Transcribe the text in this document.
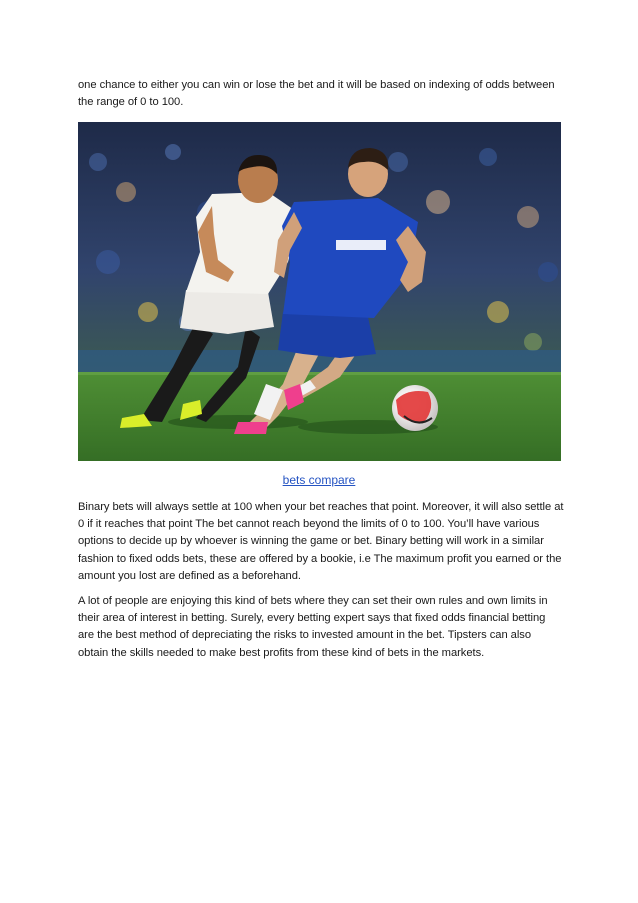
one chance to either you can win or lose the bet and it will be based on indexing of odds between the range of 0 to 100.

bets compare

Binary bets will always settle at 100 when your bet reaches that point. Moreover, it will also settle at 0 if it reaches that point The bet cannot reach beyond the limits of 0 to 100. You’ll have various options to decide up by whoever is winning the game or bet. Binary betting will work in a similar fashion to fixed odds bets, these are offered by a bookie, i.e The maximum profit you earned or the amount you lost are defined as a beforehand.

A lot of people are enjoying this kind of bets where they can set their own rules and own limits in their area of interest in betting. Surely, every betting expert says that fixed odds financial betting are the best method of depreciating the risks to invested amount in the bet. Tipsters can also obtain the skills needed to make best profits from these kind of bets in the markets.
